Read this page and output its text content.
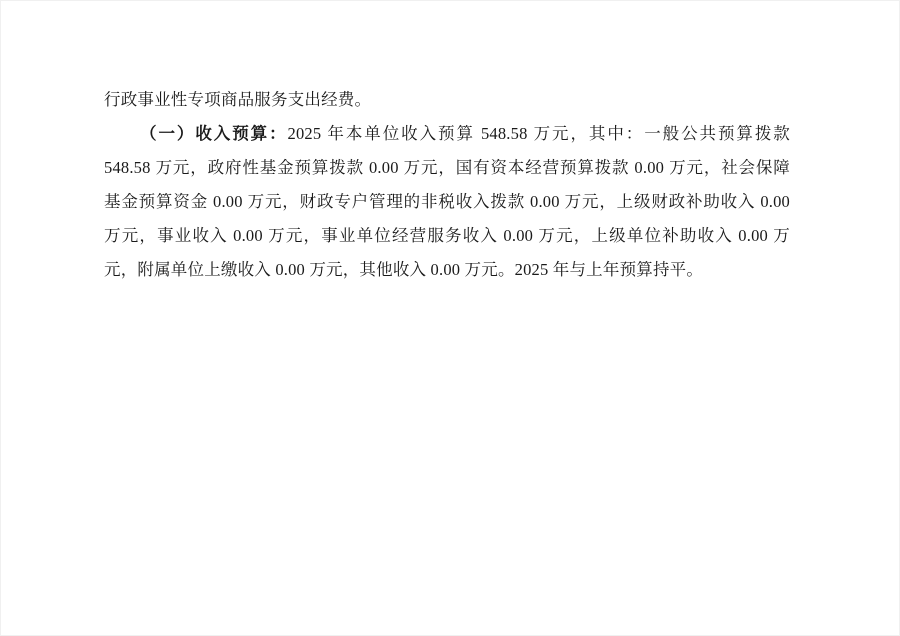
行政事业性专项商品服务支出经费。
（一）收入预算：2025 年本单位收入预算 548.58 万元，其中：一般公共预算拨款
548.58 万元，政府性基金预算拨款 0.00 万元，国有资本经营预算拨款 0.00 万元，社会保障
基金预算资金 0.00 万元，财政专户管理的非税收入拨款 0.00 万元，上级财政补助收入 0.00
万元，事业收入 0.00 万元，事业单位经营服务收入 0.00 万元，上级单位补助收入 0.00 万
元，附属单位上缴收入 0.00 万元，其他收入 0.00 万元。2025 年与上年预算持平。
